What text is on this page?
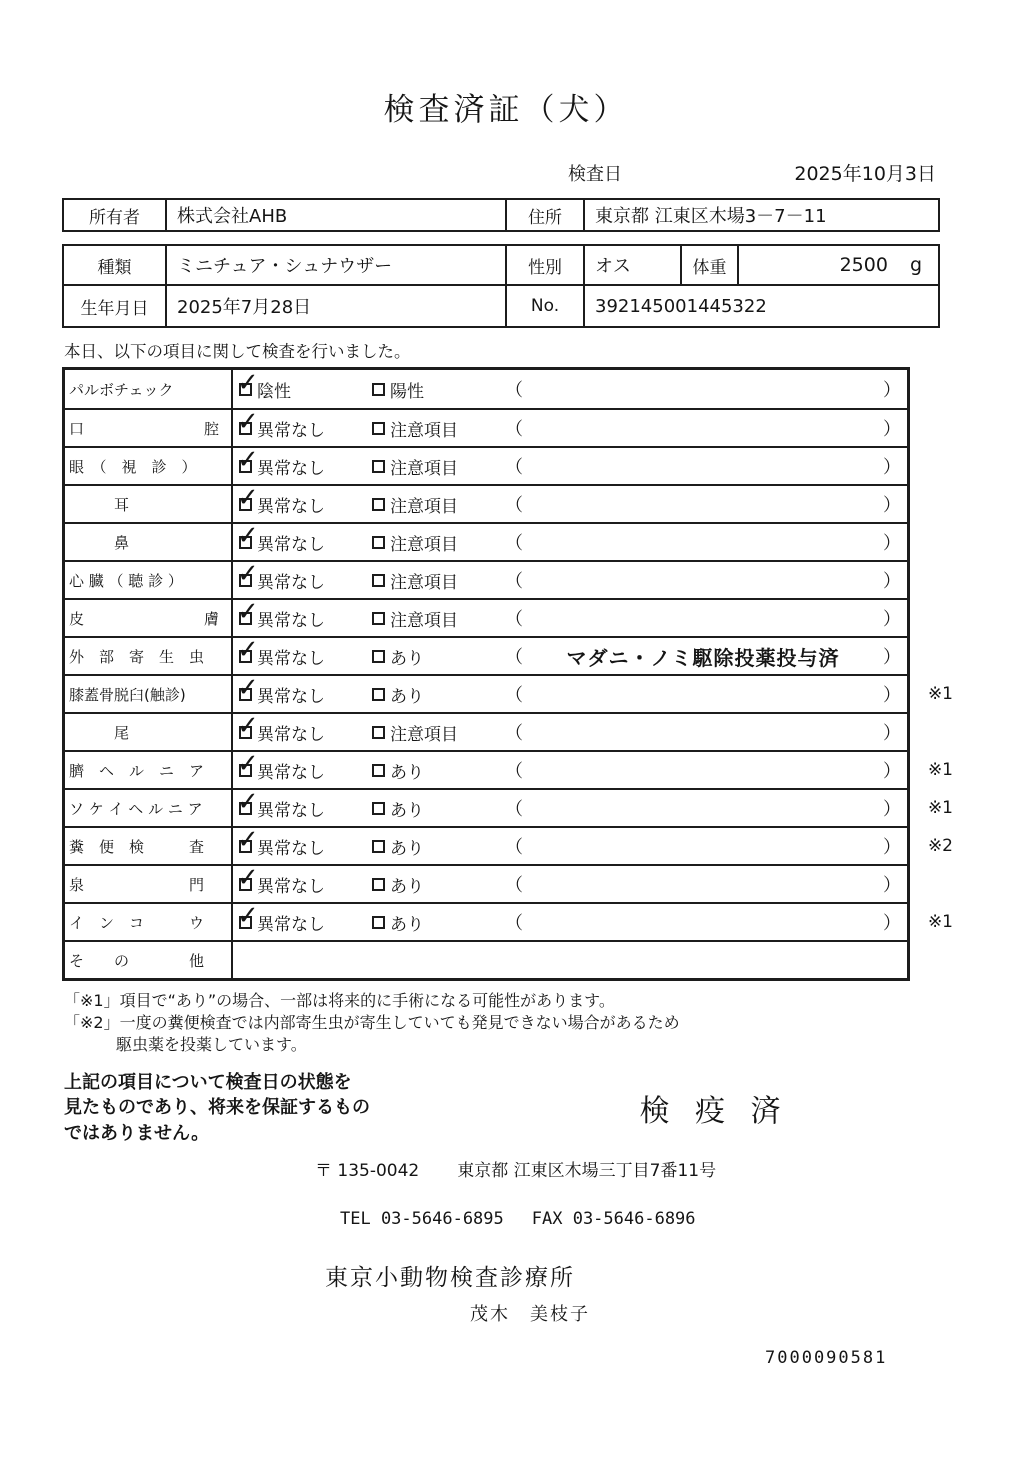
検査済証（犬）
検査日	2025年10月3日
所有者	株式会社AHB	住所	東京都 江東区木場3－7－11
種類	ミニチュア・シュナウザー	性別	オス	体重	2500 g
生年月日	2025年7月28日	No.	392145001445322
本日、以下の項目に関して検査を行いました。
パルボチェック ✓	陰性	陽性	（	）
口　　　　　　　　腔 ✓ 異常なし	注意項目	（	）
眼　（　視　診　） ✓	異常なし	注意項目	（	）
　　　耳 ✓	異常なし	注意項目	（	）
　　　鼻 ✓	異常なし	注意項目	（	）
心 臓 （ 聴 診 ） ✓	異常なし	注意項目	（	）
皮　　　　　　　　膚 ✓ 異常なし	注意項目	（	）
外　部　寄　生　虫 ✓	異常なし	あり	（	マダニ・ノミ駆除投薬投与済	）
膝蓋骨脱臼(触診) ✓	異常なし	あり	（	） ※1
　　　尾 ✓	異常なし	注意項目	（	）
臍　ヘ　ル　ニ　ア ✓	異常なし	あり	（	） ※1
ソ ケ イ ヘ ル ニ ア ✓	異常なし	あり	（	） ※1
糞　便　検　　　査 ✓	異常なし	あり	（	） ※2
泉　　　　　　　門 ✓	異常なし	あり	（	）
イ　ン　コ　　　ウ ✓	異常なし	あり	（	） ※1
そ　　の　　　　他
「※1」項目で“あり”の場合、一部は将来的に手術になる可能性があります。
「※2」一度の糞便検査では内部寄生虫が寄生していても発見できない場合があるため
駆虫薬を投薬しています。
上記の項目について検査日の状態を
見たものであり、将来を保証するもの
ではありません。
検 疫 済
〒 135-0042 東京都 江東区木場三丁目7番11号
TEL 03-5646-6895 FAX 03-5646-6896
東京小動物検査診療所
茂木　美枝子
7000090581
